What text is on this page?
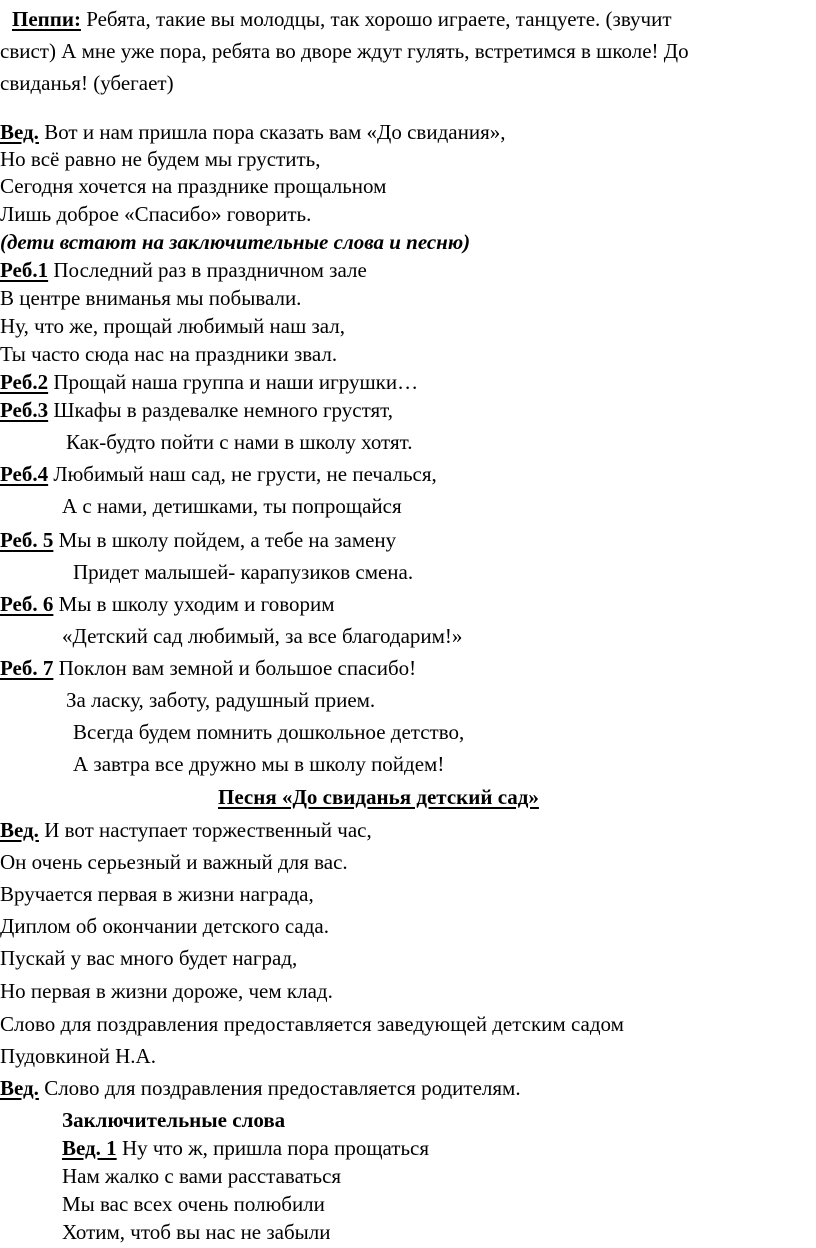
Пеппи: Ребята, такие вы молодцы, так хорошо играете, танцуете. (звучит
свист) А мне уже пора, ребята во дворе ждут гулять, встретимся в школе! До
свиданья! (убегает)
Вед. Вот и нам пришла пора сказать вам «До свидания»,
Но всё равно не будем мы грустить,
Сегодня хочется на празднике прощальном
Лишь доброе «Спасибо» говорить.
(дети встают на заключительные слова и песню)
Реб.1 Последний раз в праздничном зале
В центре вниманья мы побывали.
Ну, что же, прощай любимый наш зал,
Ты часто сюда нас на праздники звал.
Реб.2 Прощай наша группа и наши игрушки…
Реб.3 Шкафы в раздевалке немного грустят,
Как-будто пойти с нами в школу хотят.
Реб.4 Любимый наш сад, не грусти, не печалься,
А с нами, детишками, ты попрощайся
Реб. 5 Мы в школу пойдем, а тебе на замену
Придет малышей- карапузиков смена.
Реб. 6 Мы в школу уходим и говорим
«Детский сад любимый, за все благодарим!»
Реб. 7 Поклон вам земной и большое спасибо!
За ласку, заботу, радушный прием.
Всегда будем помнить дошкольное детство,
А завтра все дружно мы в школу пойдем!
Песня «До свиданья детский сад»
Вед. И вот наступает торжественный час,
Он очень серьезный и важный для вас.
Вручается первая в жизни награда,
Диплом об окончании детского сада.
Пускай у вас много будет наград,
Но первая в жизни дороже, чем клад.
Слово для поздравления предоставляется заведующей детским садом
Пудовкиной Н.А.
Вед. Слово для поздравления предоставляется родителям.
Заключительные слова
Вед. 1 Ну что ж, пришла пора прощаться
Нам жалко с вами расставаться
Мы вас всех очень полюбили
Хотим, чтоб вы нас не забыли
